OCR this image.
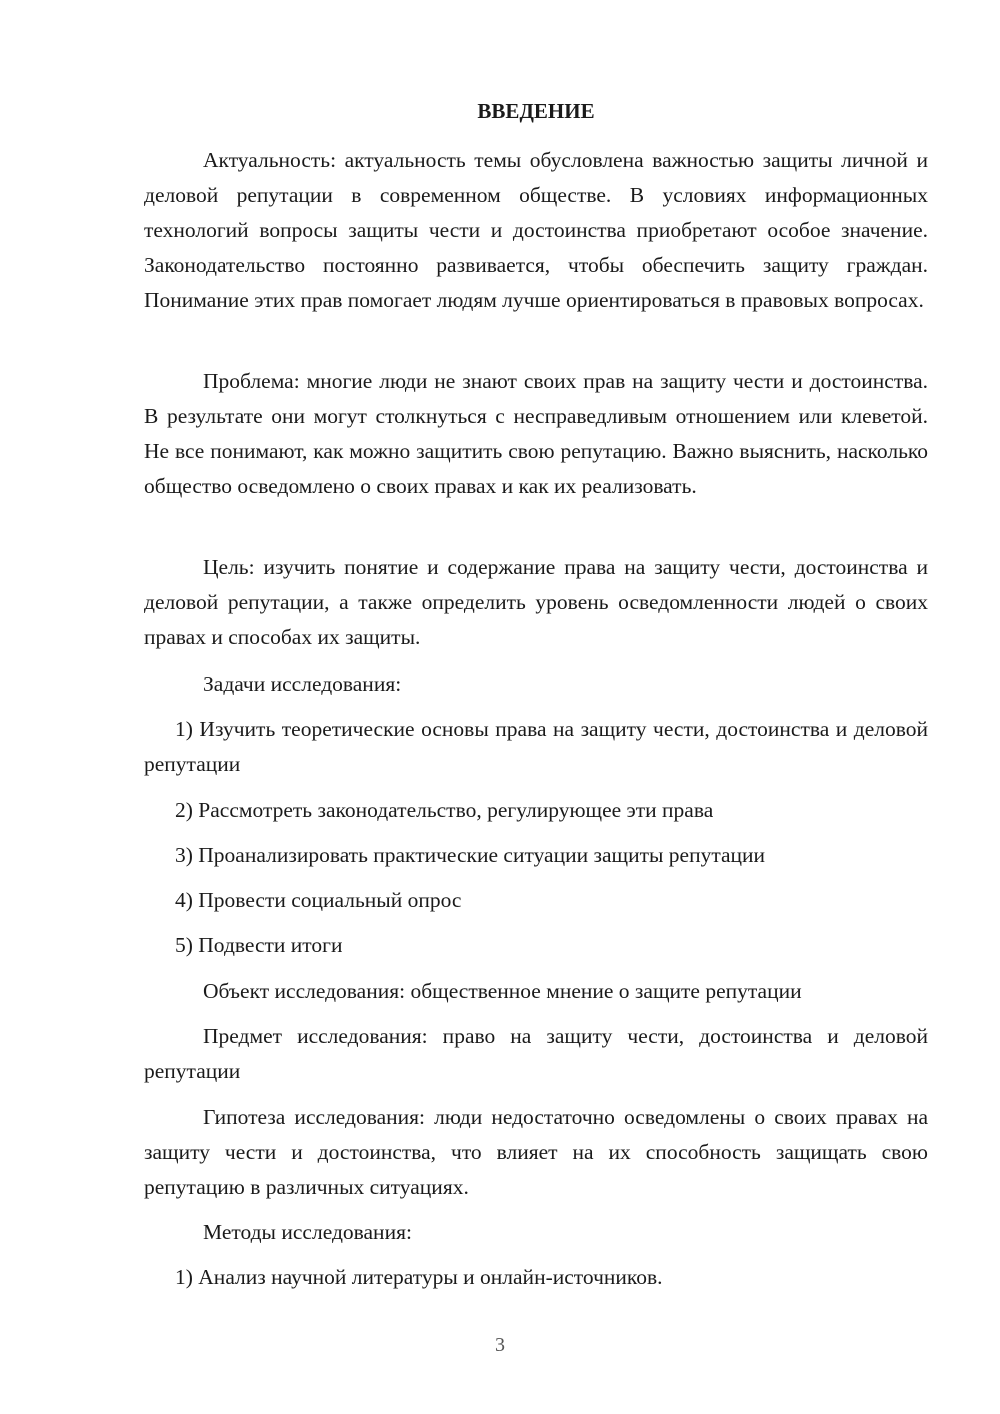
ВВЕДЕНИЕ

Актуальность: актуальность темы обусловлена важностью защиты личной и деловой репутации в современном обществе. В условиях информационных технологий вопросы защиты чести и достоинства приобретают особое значение. Законодательство постоянно развивается, чтобы обеспечить защиту граждан. Понимание этих прав помогает людям лучше ориентироваться в правовых вопросах.

Проблема: многие люди не знают своих прав на защиту чести и достоинства. В результате они могут столкнуться с несправедливым отношением или клеветой. Не все понимают, как можно защитить свою репутацию. Важно выяснить, насколько общество осведомлено о своих правах и как их реализовать.

Цель: изучить понятие и содержание права на защиту чести, достоинства и деловой репутации, а также определить уровень осведомленности людей о своих правах и способах их защиты.

Задачи исследования:

1) Изучить теоретические основы права на защиту чести, достоинства и деловой репутации

2) Рассмотреть законодательство, регулирующее эти права

3) Проанализировать практические ситуации защиты репутации

4) Провести социальный опрос

5) Подвести итоги

Объект исследования: общественное мнение о защите репутации

Предмет исследования: право на защиту чести, достоинства и деловой репутации

Гипотеза исследования: люди недостаточно осведомлены о своих правах на защиту чести и достоинства, что влияет на их способность защищать свою репутацию в различных ситуациях.

Методы исследования:

1) Анализ научной литературы и онлайн-источников.

3
